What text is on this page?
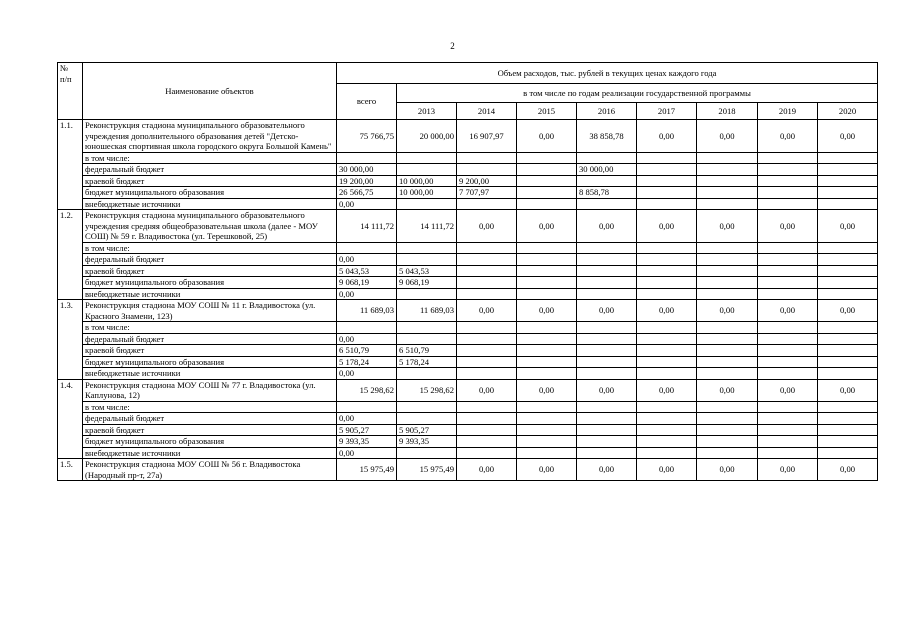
2
№
п/п	Наименование объектов	Объем расходов, тыс. рублей в текущих ценах каждого года								
		всего	в том числе по годам реализации государственной программы							
			2013	2014	2015	2016	2017	2018	2019	2020
1.1.	Реконструкция стадиона муниципального образовательного учреждения дополнительного образования детей "Детско-юношеская спортивная школа городского округа Большой Камень"	75 766,75	20 000,00	16 907,97	0,00	38 858,78	0,00	0,00	0,00	0,00
	в том числе:									
	федеральный бюджет	30 000,00				30 000,00				
	краевой бюджет	19 200,00	10 000,00	9 200,00						
	бюджет муниципального образования	26 566,75	10 000,00	7 707,97		8 858,78				
	внебюджетные источники	0,00								
1.2.	Реконструкция стадиона муниципального образовательного учреждения средняя общеобразовательная школа (далее - МОУ СОШ) № 59 г. Владивостока (ул. Терешковой, 25)	14 111,72	14 111,72	0,00	0,00	0,00	0,00	0,00	0,00	0,00
	в том числе:									
	федеральный бюджет	0,00								
	краевой бюджет	5 043,53	5 043,53							
	бюджет муниципального образования	9 068,19	9 068,19							
	внебюджетные источники	0,00								
1.3.	Реконструкция стадиона МОУ СОШ № 11 г. Владивостока (ул. Красного Знамени, 123)	11 689,03	11 689,03	0,00	0,00	0,00	0,00	0,00	0,00	0,00
	в том числе:									
	федеральный бюджет	0,00								
	краевой бюджет	6 510,79	6 510,79							
	бюджет муниципального образования	5 178,24	5 178,24							
	внебюджетные источники	0,00								
1.4.	Реконструкция стадиона МОУ СОШ № 77 г. Владивостока (ул. Каплунова, 12)	15 298,62	15 298,62	0,00	0,00	0,00	0,00	0,00	0,00	0,00
	в том числе:									
	федеральный бюджет	0,00								
	краевой бюджет	5 905,27	5 905,27							
	бюджет муниципального образования	9 393,35	9 393,35							
	внебюджетные источники	0,00								
1.5.	Реконструкция стадиона МОУ СОШ № 56 г. Владивостока (Народный пр-т, 27а)	15 975,49	15 975,49	0,00	0,00	0,00	0,00	0,00	0,00	0,00
